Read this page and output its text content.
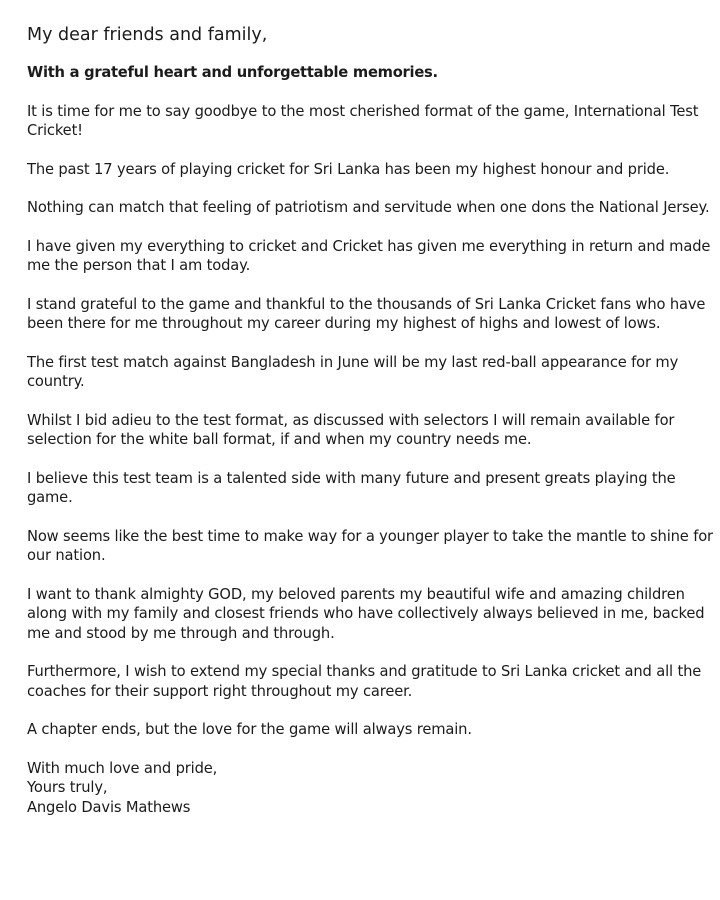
My dear friends and family,

With a grateful heart and unforgettable memories.

It is time for me to say goodbye to the most cherished format of the game, International Test Cricket!

The past 17 years of playing cricket for Sri Lanka has been my highest honour and pride.

Nothing can match that feeling of patriotism and servitude when one dons the National Jersey.

I have given my everything to cricket and Cricket has given me everything in return and made me the person that I am today.

I stand grateful to the game and thankful to the thousands of Sri Lanka Cricket fans who have been there for me throughout my career during my highest of highs and lowest of lows.

The first test match against Bangladesh in June will be my last red-ball appearance for my country.

Whilst I bid adieu to the test format, as discussed with selectors I will remain available for selection for the white ball format, if and when my country needs me.

I believe this test team is a talented side with many future and present greats playing the game.

Now seems like the best time to make way for a younger player to take the mantle to shine for our nation.

I want to thank almighty GOD, my beloved parents my beautiful wife and amazing children along with my family and closest friends who have collectively always believed in me, backed me and stood by me through and through.

Furthermore, I wish to extend my special thanks and gratitude to Sri Lanka cricket and all the coaches for their support right throughout my career.

A chapter ends, but the love for the game will always remain.

With much love and pride,
Yours truly,
Angelo Davis Mathews
